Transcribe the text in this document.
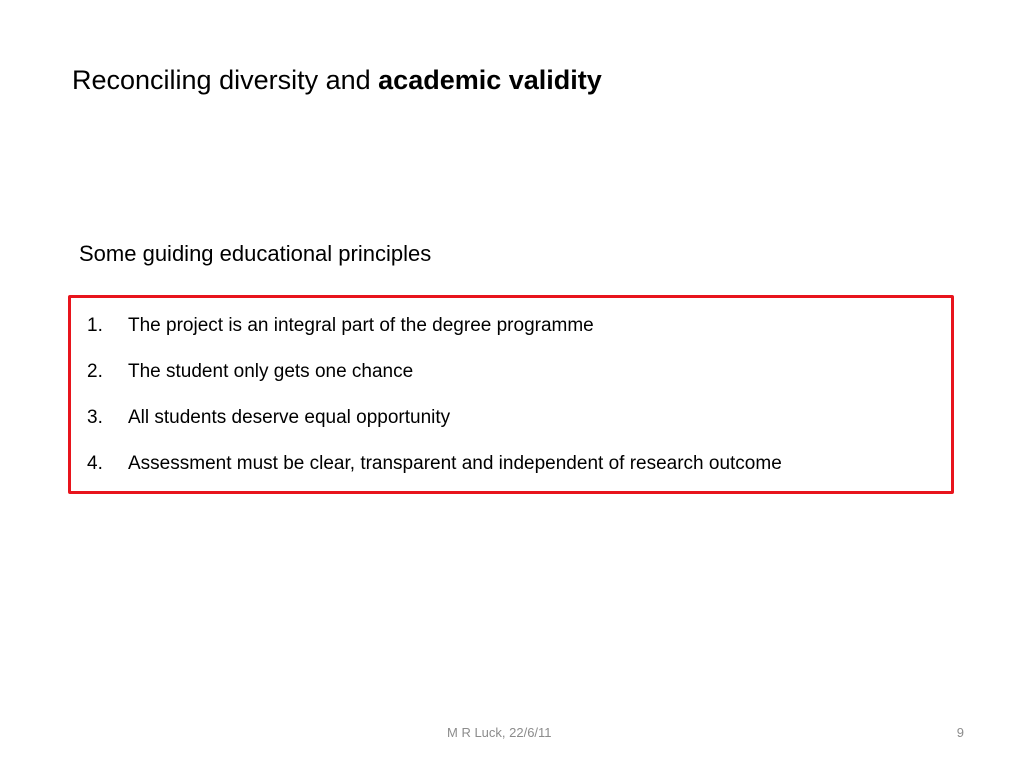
Reconciling diversity and academic validity
Some guiding educational principles
1.	The project is an integral part of the degree programme
2.	The student only gets one chance
3.	All students deserve equal opportunity
4.	Assessment must be clear, transparent and independent of research outcome
M R Luck, 22/6/11	9
